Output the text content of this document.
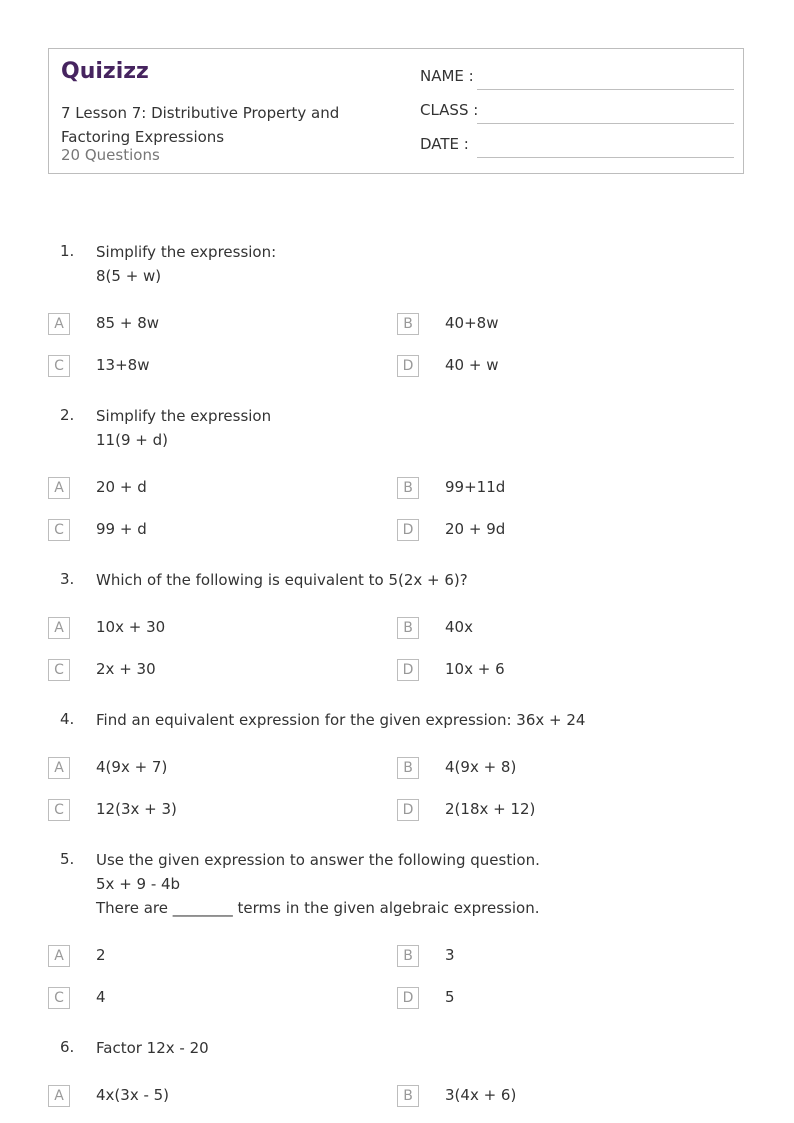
Quizizz
7 Lesson 7: Distributive Property and Factoring Expressions
20 Questions
NAME :
CLASS :
DATE :
1. Simplify the expression:
8(5 + w)
A	85 + 8w	B	40+8w
C	13+8w	D	40 + w
2. Simplify the expression
11(9 + d)
A	20 + d	B	99+11d
C	99 + d	D	20 + 9d
3. Which of the following is equivalent to 5(2x + 6)?
A	10x + 30	B	40x
C	2x + 30	D	10x + 6
4. Find an equivalent expression for the given expression: 36x + 24
A	4(9x + 7)	B	4(9x + 8)
C	12(3x + 3)	D	2(18x + 12)
5. Use the given expression to answer the following question.
5x + 9 - 4b
There are ________ terms in the given algebraic expression.
A	2	B	3
C	4	D	5
6. Factor 12x - 20
A	4x(3x - 5)	B	3(4x + 6)
